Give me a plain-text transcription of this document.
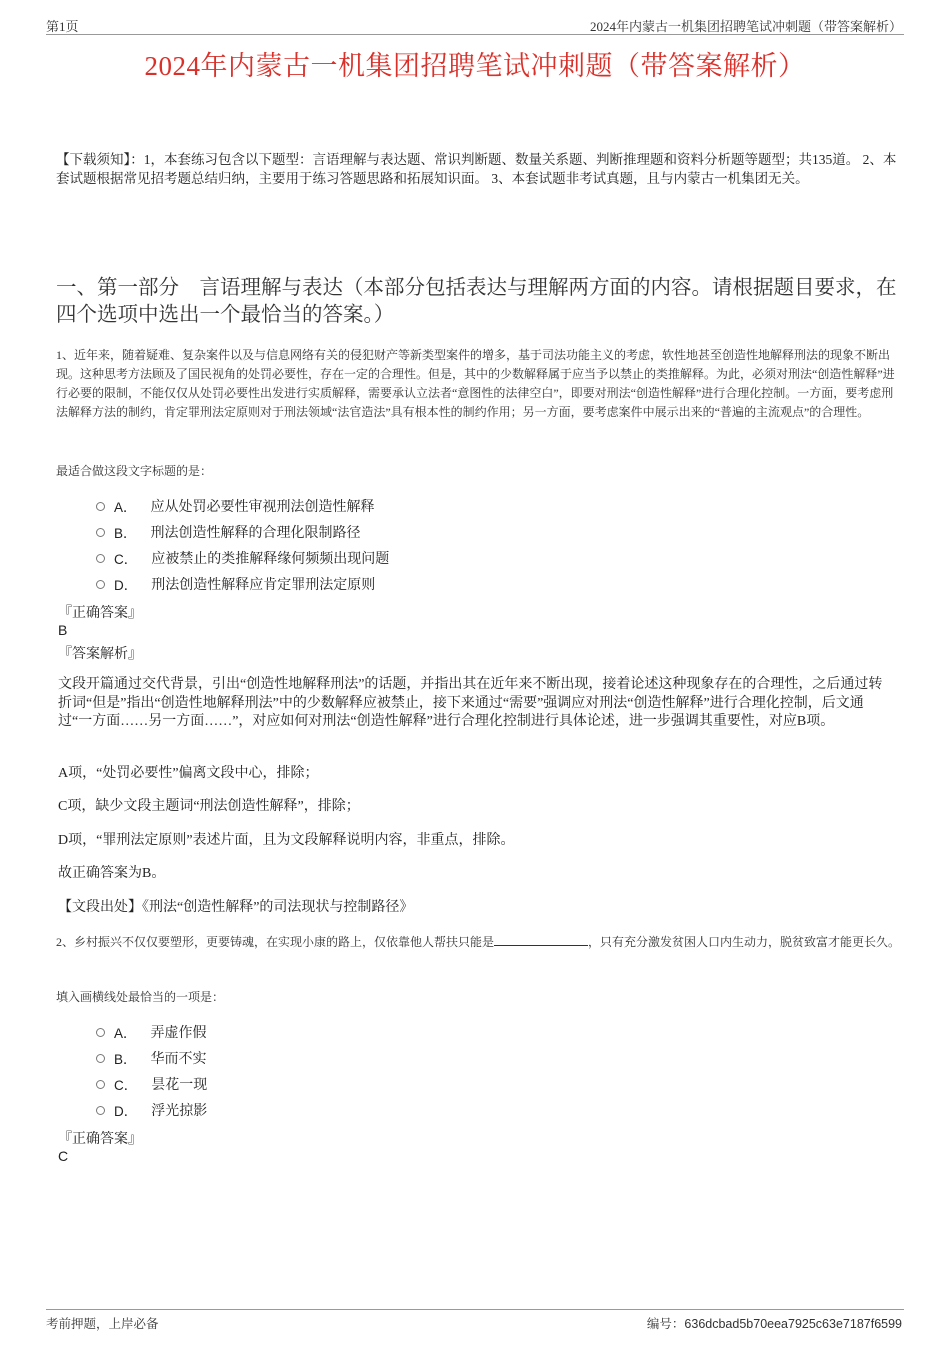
第1页	2024年内蒙古一机集团招聘笔试冲刺题（带答案解析）
2024年内蒙古一机集团招聘笔试冲刺题（带答案解析）
【下载须知】：1，本套练习包含以下题型：言语理解与表达题、常识判断题、数量关系题、判断推理题和资料分析题等题型；共135道。 2、本套试题根据常见招考题总结归纳，主要用于练习答题思路和拓展知识面。 3、本套试题非考试真题，且与内蒙古一机集团无关。
一、第一部分　言语理解与表达（本部分包括表达与理解两方面的内容。请根据题目要求，在四个选项中选出一个最恰当的答案。）
1、近年来，随着疑难、复杂案件以及与信息网络有关的侵犯财产等新类型案件的增多，基于司法功能主义的考虑，软性地甚至创造性地解释刑法的现象不断出现。这种思考方法顾及了国民视角的处罚必要性，存在一定的合理性。但是，其中的少数解释属于应当予以禁止的类推解释。为此，必须对刑法“创造性解释”进行必要的限制，不能仅仅从处罚必要性出发进行实质解释，需要承认立法者“意图性的法律空白”，即要对刑法“创造性解释”进行合理化控制。一方面，要考虑刑法解释方法的制约，肯定罪刑法定原则对于刑法领域“法官造法”具有根本性的制约作用；另一方面，要考虑案件中展示出来的“普遍的主流观点”的合理性。
最适合做这段文字标题的是：
A． 应从处罚必要性审视刑法创造性解释
B． 刑法创造性解释的合理化限制路径
C． 应被禁止的类推解释缘何频频出现问题
D． 刑法创造性解释应肯定罪刑法定原则
『正确答案』
B
『答案解析』
文段开篇通过交代背景，引出“创造性地解释刑法”的话题，并指出其在近年来不断出现，接着论述这种现象存在的合理性，之后通过转折词“但是”指出“创造性地解释刑法”中的少数解释应被禁止，接下来通过“需要”强调应对刑法“创造性解释”进行合理化控制，后文通过“一方面……另一方面……”，对应如何对刑法“创造性解释”进行合理化控制进行具体论述，进一步强调其重要性，对应B项。
A项，“处罚必要性”偏离文段中心，排除；
C项，缺少文段主题词“刑法创造性解释”，排除；
D项，“罪刑法定原则”表述片面，且为文段解释说明内容，非重点，排除。
故正确答案为B。
【文段出处】《刑法“创造性解释”的司法现状与控制路径》
2、乡村振兴不仅仅要塑形，更要铸魂，在实现小康的路上，仅依靠他人帮扶只能是	，只有充分激发贫困人口内生动力，脱贫致富才能更长久。
填入画横线处最恰当的一项是：
A． 弄虚作假
B． 华而不实
C． 昙花一现
D． 浮光掠影
『正确答案』
C
考前押题，上岸必备	编号：636dcbad5b70eea7925c63e7187f6599
